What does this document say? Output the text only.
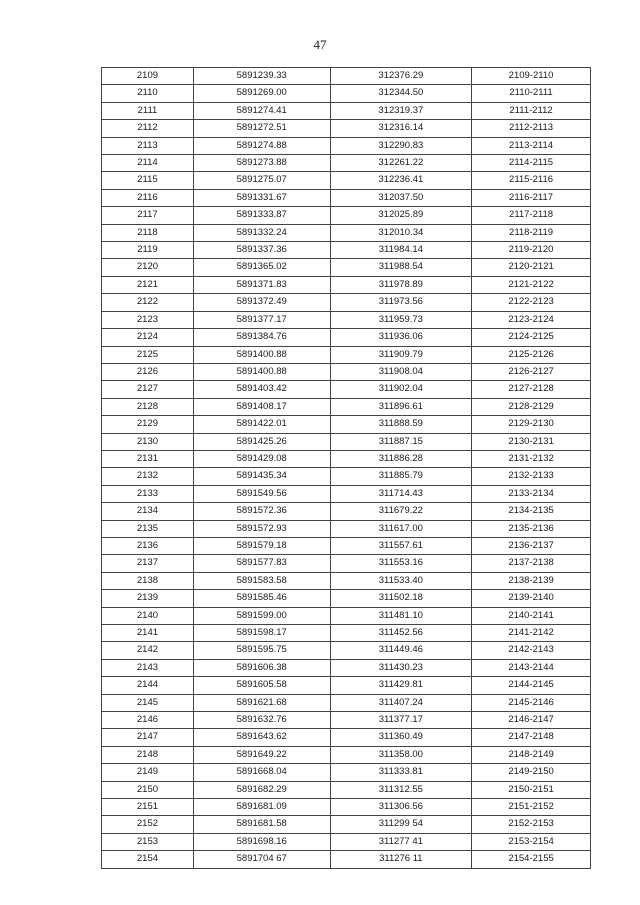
47
2109	5891239.33	312376.29	2109-2110
2110	5891269.00	312344.50	2110-2111
2111	5891274.41	312319.37	2111-2112
2112	5891272.51	312316.14	2112-2113
2113	5891274.88	312290.83	2113-2114
2114	5891273.88	312261.22	2114-2115
2115	5891275.07	312236.41	2115-2116
2116	5891331.67	312037.50	2116-2117
2117	5891333.87	312025.89	2117-2118
2118	5891332.24	312010.34	2118-2119
2119	5891337.36	311984.14	2119-2120
2120	5891365.02	311988.54	2120-2121
2121	5891371.83	311978.89	2121-2122
2122	5891372.49	311973.56	2122-2123
2123	5891377.17	311959.73	2123-2124
2124	5891384.76	311936.06	2124-2125
2125	5891400.88	311909.79	2125-2126
2126	5891400.88	311908.04	2126-2127
2127	5891403.42	311902.04	2127-2128
2128	5891408.17	311896.61	2128-2129
2129	5891422.01	311888.59	2129-2130
2130	5891425.26	311887.15	2130-2131
2131	5891429.08	311886.28	2131-2132
2132	5891435.34	311885.79	2132-2133
2133	5891549.56	311714.43	2133-2134
2134	5891572.36	311679.22	2134-2135
2135	5891572.93	311617.00	2135-2136
2136	5891579.18	311557.61	2136-2137
2137	5891577.83	311553.16	2137-2138
2138	5891583.58	311533.40	2138-2139
2139	5891585.46	311502.18	2139-2140
2140	5891599.00	311481.10	2140-2141
2141	5891598.17	311452.56	2141-2142
2142	5891595.75	311449.46	2142-2143
2143	5891606.38	311430.23	2143-2144
2144	5891605.58	311429.81	2144-2145
2145	5891621.68	311407.24	2145-2146
2146	5891632.76	311377.17	2146-2147
2147	5891643.62	311360.49	2147-2148
2148	5891649.22	311358.00	2148-2149
2149	5891668.04	311333.81	2149-2150
2150	5891682.29	311312.55	2150-2151
2151	5891681.09	311306.56	2151-2152
2152	5891681.58	311299 54	2152-2153
2153	5891698.16	311277 41	2153-2154
2154	5891704 67	311276 11	2154-2155
